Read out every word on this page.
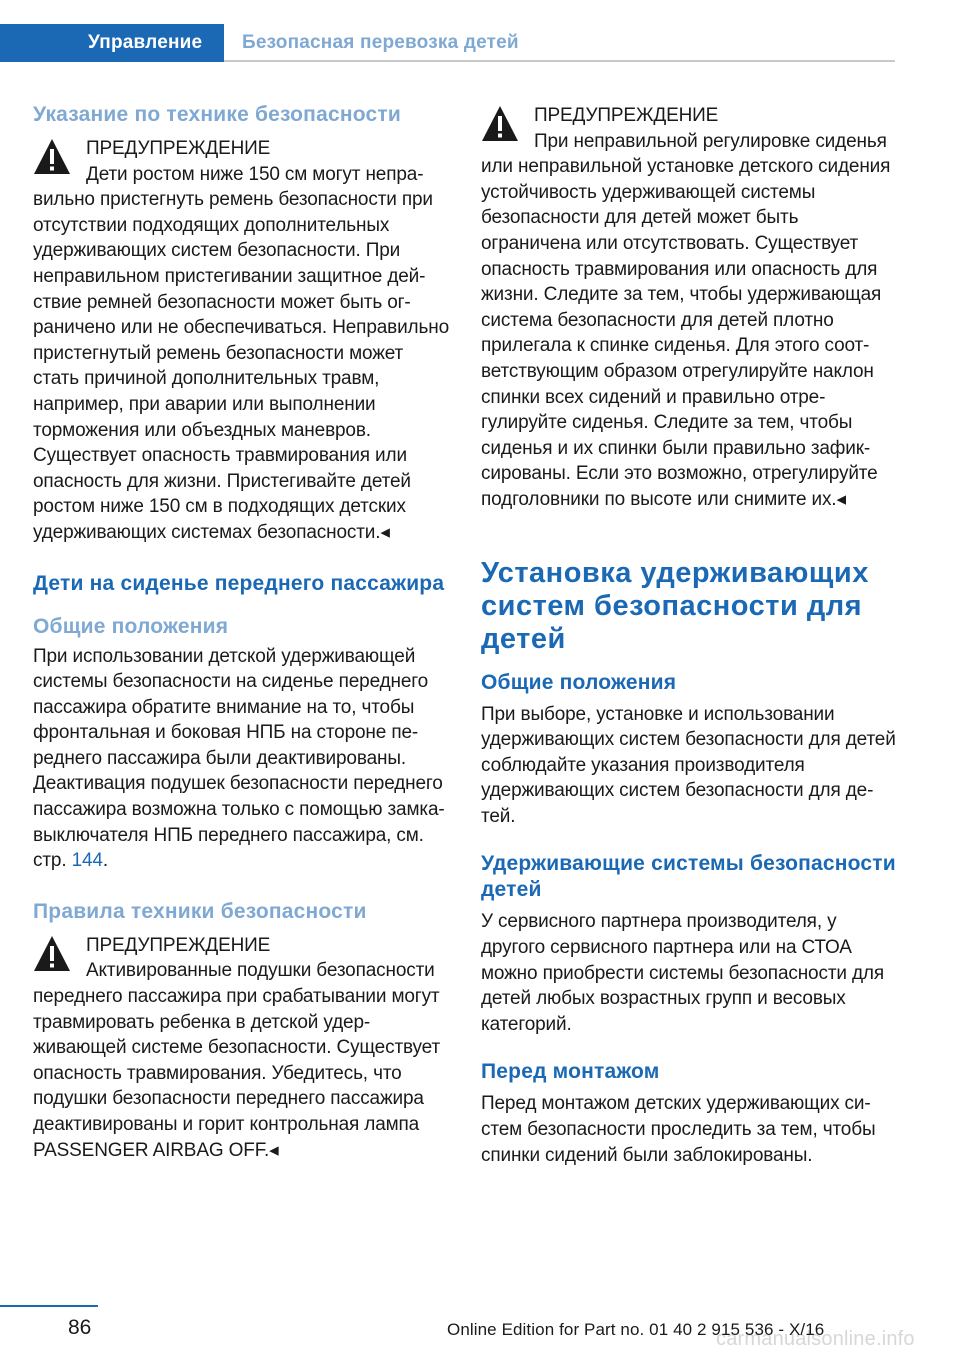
Управление Безопасная перевозка детей
Указание по технике безопасности
ПРЕДУПРЕЖДЕНИЕ
Дети ростом ниже 150 см могут неправильно пристегнуть ремень безопасности при отсутствии подходящих дополнительных удерживающих систем безопасности. При неправильном пристегивании защитное действие ремней безопасности может быть ограничено или не обеспечиваться. Неправильно пристегнутый ремень безопасности может стать причиной дополнительных травм, например, при аварии или выполнении торможения или объездных маневров. Существует опасность травмирования или опасность для жизни. Пристегивайте детей ростом ниже 150 см в подходящих детских удерживающих системах безопасности.◂
Дети на сиденье переднего пассажира
Общие положения

При использовании детской удерживающей системы безопасности на сиденье переднего пассажира обратите внимание на то, чтобы фронтальная и боковая НПБ на стороне переднего пассажира были деактивированы. Деактивация подушек безопасности переднего пассажира возможна только с помощью замка-выключателя НПБ переднего пассажира, см. стр. 144.

Правила техники безопасности
ПРЕДУПРЕЖДЕНИЕ
Активированные подушки безопасности переднего пассажира при срабатывании могут травмировать ребенка в детской удерживающей системе безопасности. Существует опасность травмирования. Убедитесь, что подушки безопасности переднего пассажира деактивированы и горит контрольная лампа PASSENGER AIRBAG OFF.◂
ПРЕДУПРЕЖДЕНИЕ
При неправильной регулировке сиденья или неправильной установке детского сидения устойчивость удерживающей системы безопасности для детей может быть ограничена или отсутствовать. Существует опасность травмирования или опасность для жизни. Следите за тем, чтобы удерживающая система безопасности для детей плотно прилегала к спинке сиденья. Для этого соответствующим образом отрегулируйте наклон спинки всех сидений и правильно отрегулируйте сиденья. Следите за тем, чтобы сиденья и их спинки были правильно зафиксированы. Если это возможно, отрегулируйте подголовники по высоте или снимите их.◂
Установка удерживающих систем безопасности для детей
Общие положения

При выборе, установке и использовании удерживающих систем безопасности для детей соблюдайте указания производителя удерживающих систем безопасности для детей.

Удерживающие системы безопасности детей

У сервисного партнера производителя, у другого сервисного партнера или на СТОА можно приобрести системы безопасности для детей любых возрастных групп и весовых категорий.

Перед монтажом

Перед монтажом детских удерживающих систем безопасности проследить за тем, чтобы спинки сидений были заблокированы.

86	carmanualsonline.info
Online Edition for Part no. 01 40 2 915 536 - X/16
